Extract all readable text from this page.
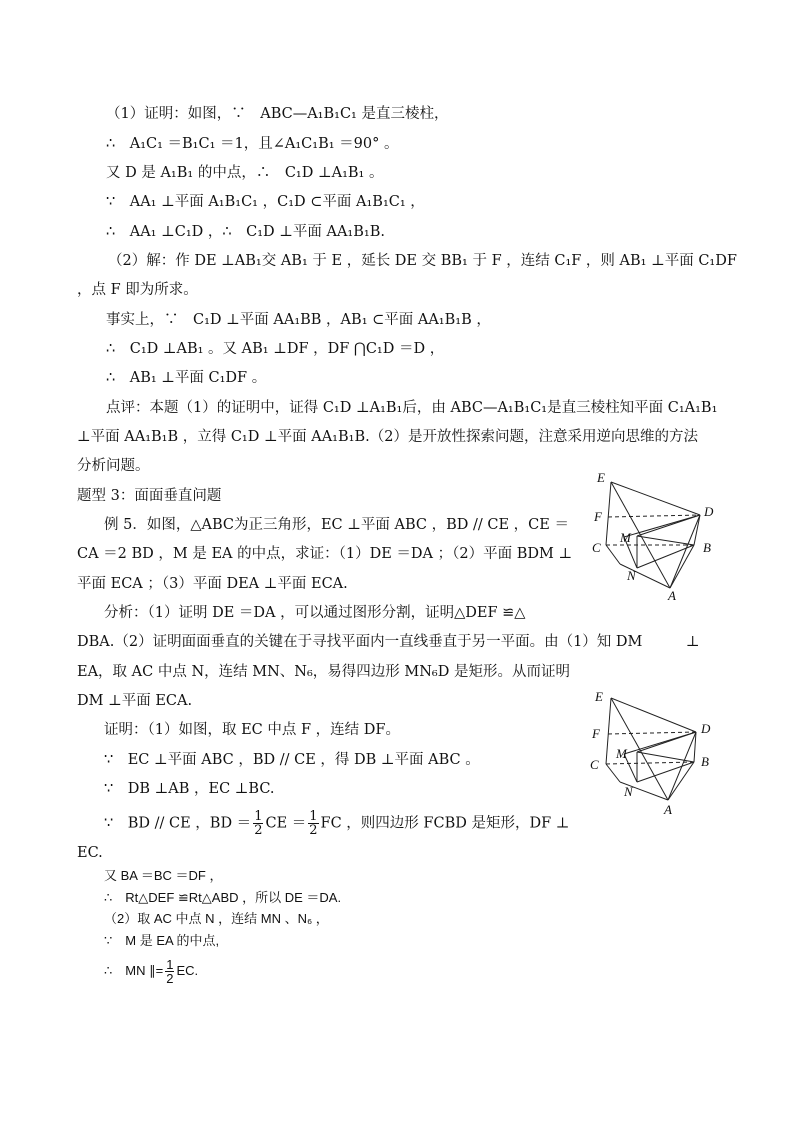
（1）证明：如图，∵　ABC—A₁B₁C₁ 是直三棱柱，
∴　A₁C₁ ＝B₁C₁ ＝1，且∠A₁C₁B₁ ＝90° 。
又 D 是 A₁B₁ 的中点，∴　C₁D ⊥A₁B₁ 。
∵　AA₁ ⊥平面 A₁B₁C₁ ，C₁D ⊂平面 A₁B₁C₁ ，
∴　AA₁ ⊥C₁D ，∴　C₁D ⊥平面 AA₁B₁B.
（2）解：作 DE ⊥AB₁交 AB₁ 于 E ，延长 DE 交 BB₁ 于 F ，连结 C₁F ，则 AB₁ ⊥平面 C₁DF
，点 F 即为所求。
事实上，∵　C₁D ⊥平面 AA₁BB ，AB₁ ⊂平面 AA₁B₁B ，
∴　C₁D ⊥AB₁ 。又 AB₁ ⊥DF ，DF ⋂C₁D ＝D ，
∴　AB₁ ⊥平面 C₁DF 。
点评：本题（1）的证明中，证得 C₁D ⊥A₁B₁后，由 ABC—A₁B₁C₁是直三棱柱知平面 C₁A₁B₁
⊥平面 AA₁B₁B ，立得 C₁D ⊥平面 AA₁B₁B.（2）是开放性探索问题，注意采用逆向思维的方法
分析问题。
题型 3：面面垂直问题
例 5．如图，△ABC为正三角形，EC ⊥平面 ABC ，BD // CE ，CE ＝
CA ＝2 BD ，M 是 EA 的中点，求证：（1）DE ＝DA ；（2）平面 BDM ⊥
平面 ECA ；（3）平面 DEA ⊥平面 ECA.
分析：（1）证明 DE ＝DA ，可以通过图形分割，证明△DEF ≌△
DBA.（2）证明面面垂直的关键在于寻找平面内一直线垂直于另一平面。由（1）知 DM　　　⊥
EA，取 AC 中点 N，连结 MN、N₆，易得四边形 MN₆D 是矩形。从而证明
DM ⊥平面 ECA.
证明：（1）如图，取 EC 中点 F ，连结 DF。
∵　EC ⊥平面 ABC ，BD // CE ，得 DB ⊥平面 ABC 。
∵　DB ⊥AB ，EC ⊥BC.
∵　BD // CE ，BD ＝ $\frac{1}{2}$ CE ＝ $\frac{1}{2}$ FC ，则四边形 FCBD 是矩形，DF ⊥
EC.
又 BA ＝BC ＝DF ，
∴　Rt△DEF ≌Rt△ABD ，所以 DE ＝DA.
（2）取 AC 中点 N ，连结 MN 、N₆ ，
∵　M 是 EA 的中点,
∴　MN ∥= $\frac{1}{2}$ EC.
E
F	D
C
M
B
N
A
E
F	D
C
M
B
N
A
